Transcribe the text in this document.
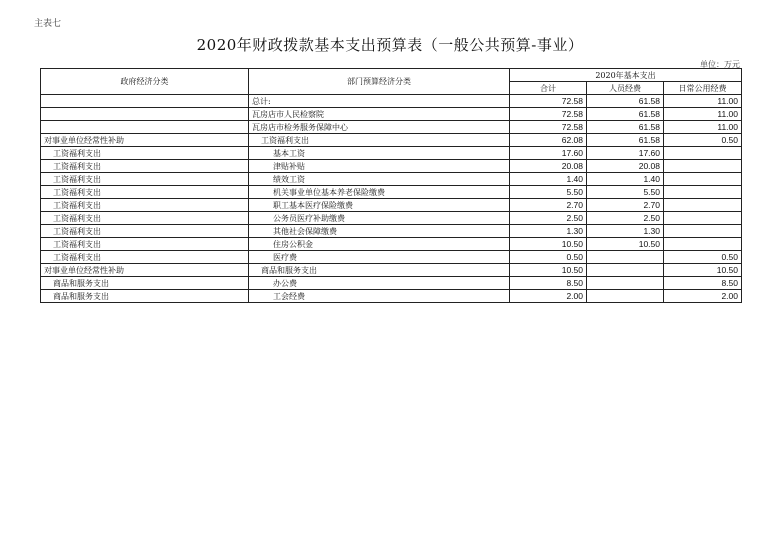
主表七
2020年财政拨款基本支出预算表（一般公共预算-事业）
单位：万元
政府经济分类	部门预算经济分类	2020年基本支出		
		合计	人员经费	日常公用经费
	总计:	72.58	61.58	11.00
	瓦房店市人民检察院	72.58	61.58	11.00
	瓦房店市检务服务保障中心	72.58	61.58	11.00
对事业单位经常性补助	工资福利支出	62.08	61.58	0.50
工资福利支出	基本工资	17.60	17.60	
工资福利支出	津贴补贴	20.08	20.08	
工资福利支出	绩效工资	1.40	1.40	
工资福利支出	机关事业单位基本养老保险缴费	5.50	5.50	
工资福利支出	职工基本医疗保险缴费	2.70	2.70	
工资福利支出	公务员医疗补助缴费	2.50	2.50	
工资福利支出	其他社会保障缴费	1.30	1.30	
工资福利支出	住房公积金	10.50	10.50	
工资福利支出	医疗费	0.50		0.50
对事业单位经常性补助	商品和服务支出	10.50		10.50
商品和服务支出	办公费	8.50		8.50
商品和服务支出	工会经费	2.00		2.00
